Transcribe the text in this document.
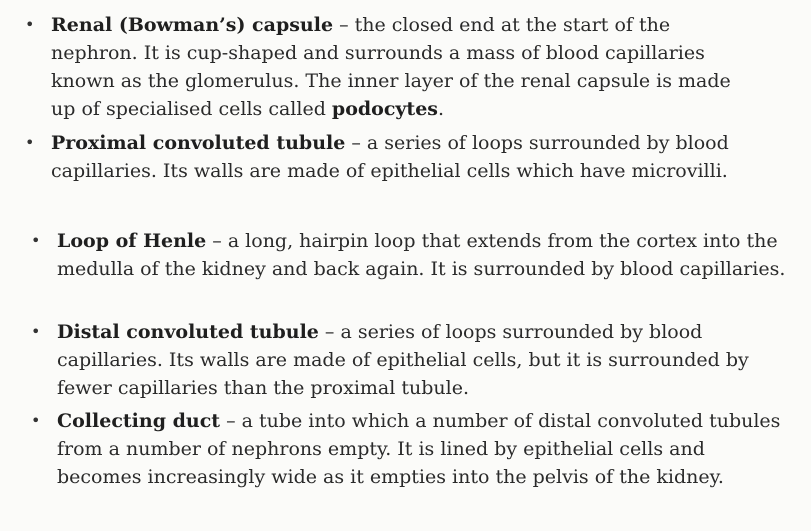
• Renal (Bowman’s) capsule – the closed end at the start of the nephron. It is cup-shaped and surrounds a mass of blood capillaries known as the glomerulus. The inner layer of the renal capsule is made up of specialised cells called podocytes.
• Proximal convoluted tubule – a series of loops surrounded by blood capillaries. Its walls are made of epithelial cells which have microvilli.
• Loop of Henle – a long, hairpin loop that extends from the cortex into the medulla of the kidney and back again. It is surrounded by blood capillaries.
• Distal convoluted tubule – a series of loops surrounded by blood capillaries. Its walls are made of epithelial cells, but it is surrounded by fewer capillaries than the proximal tubule.
• Collecting duct – a tube into which a number of distal convoluted tubules from a number of nephrons empty. It is lined by epithelial cells and becomes increasingly wide as it empties into the pelvis of the kidney.
